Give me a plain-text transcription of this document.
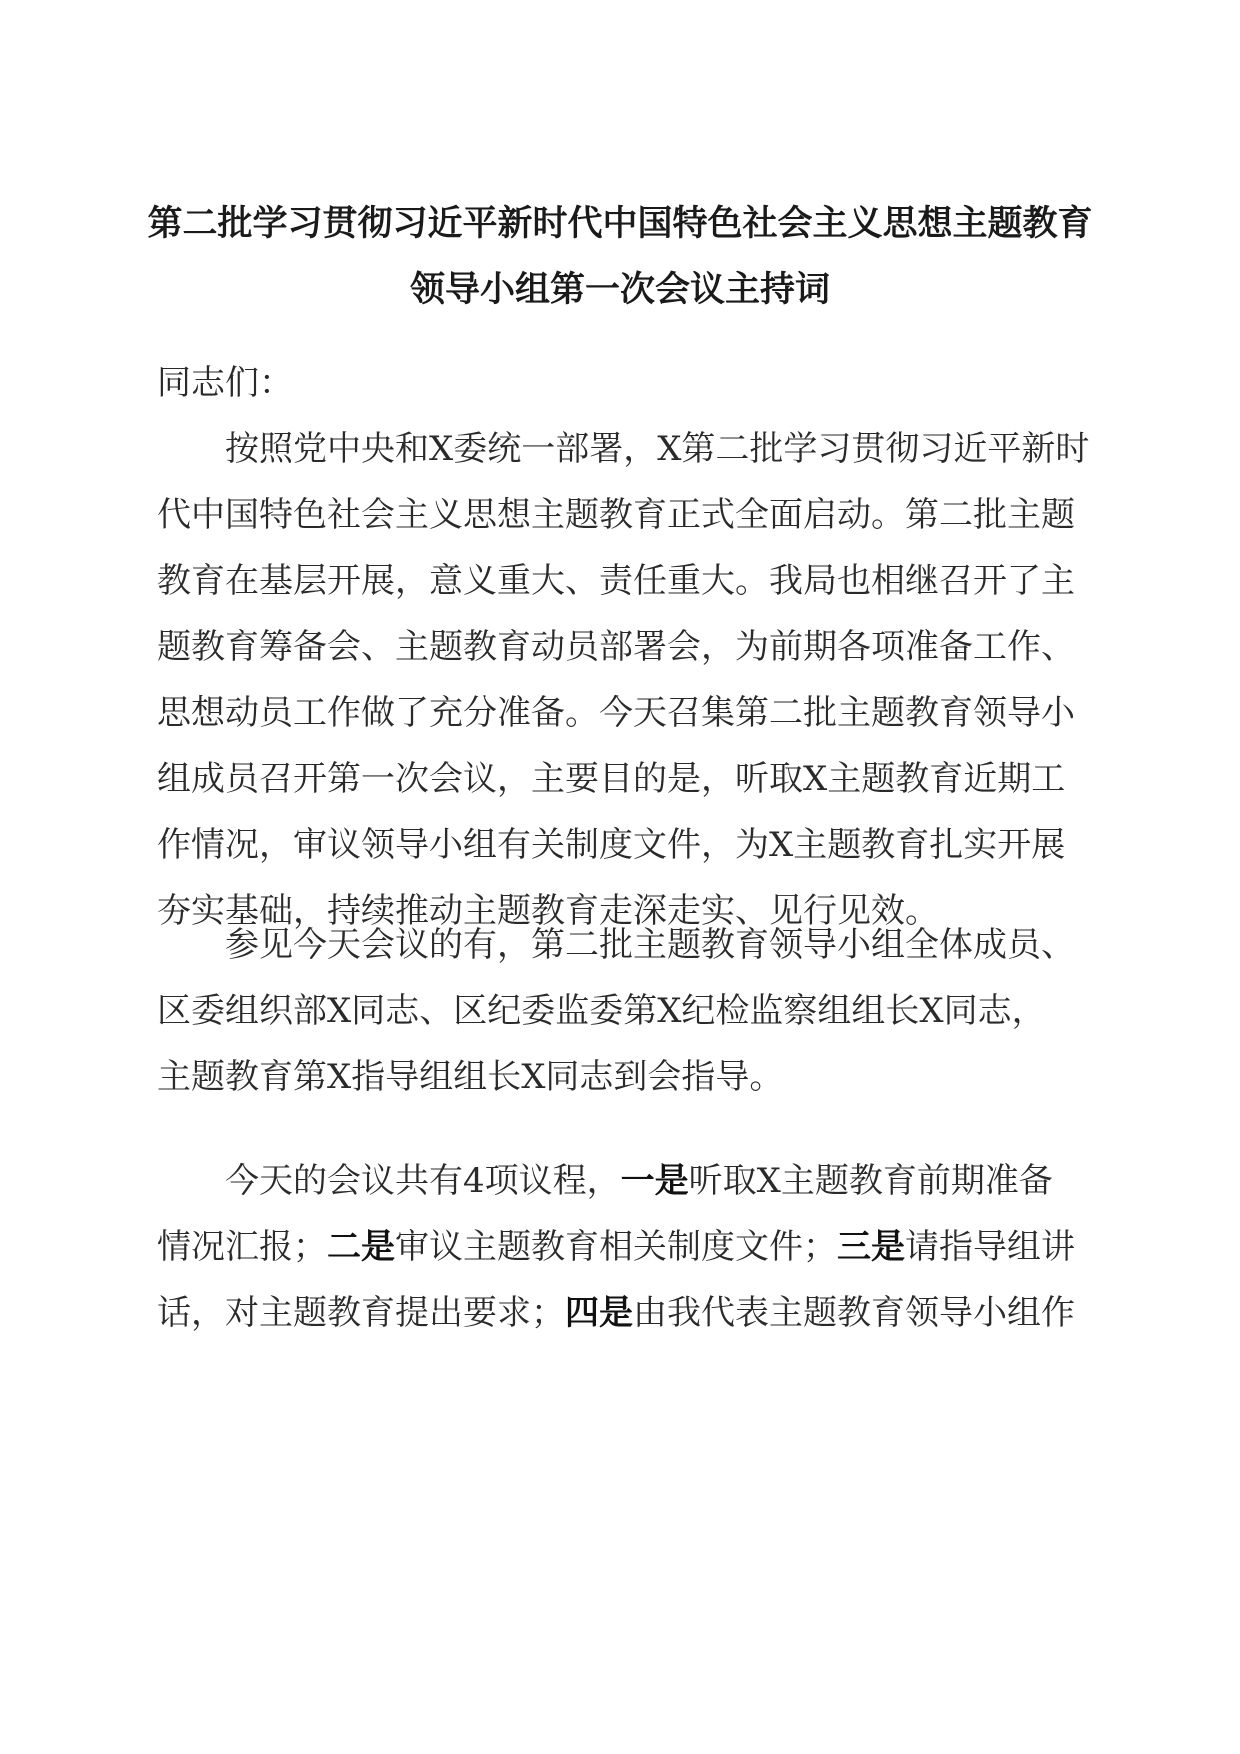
第二批学习贯彻习近平新时代中国特色社会主义思想主题教育
领导小组第一次会议主持词
同志们：
按照党中央和X委统一部署，X第二批学习贯彻习近平新时
代中国特色社会主义思想主题教育正式全面启动。第二批主题
教育在基层开展，意义重大、责任重大。我局也相继召开了主
题教育筹备会、主题教育动员部署会，为前期各项准备工作、
思想动员工作做了充分准备。今天召集第二批主题教育领导小
组成员召开第一次会议，主要目的是，听取X主题教育近期工
作情况，审议领导小组有关制度文件，为X主题教育扎实开展
夯实基础，持续推动主题教育走深走实、见行见效。
参见今天会议的有，第二批主题教育领导小组全体成员、
区委组织部X同志、区纪委监委第X纪检监察组组长X同志，
主题教育第X指导组组长X同志到会指导。
今天的会议共有4项议程，一是听取X主题教育前期准备
情况汇报；二是审议主题教育相关制度文件；三是请指导组讲
话，对主题教育提出要求；四是由我代表主题教育领导小组作
